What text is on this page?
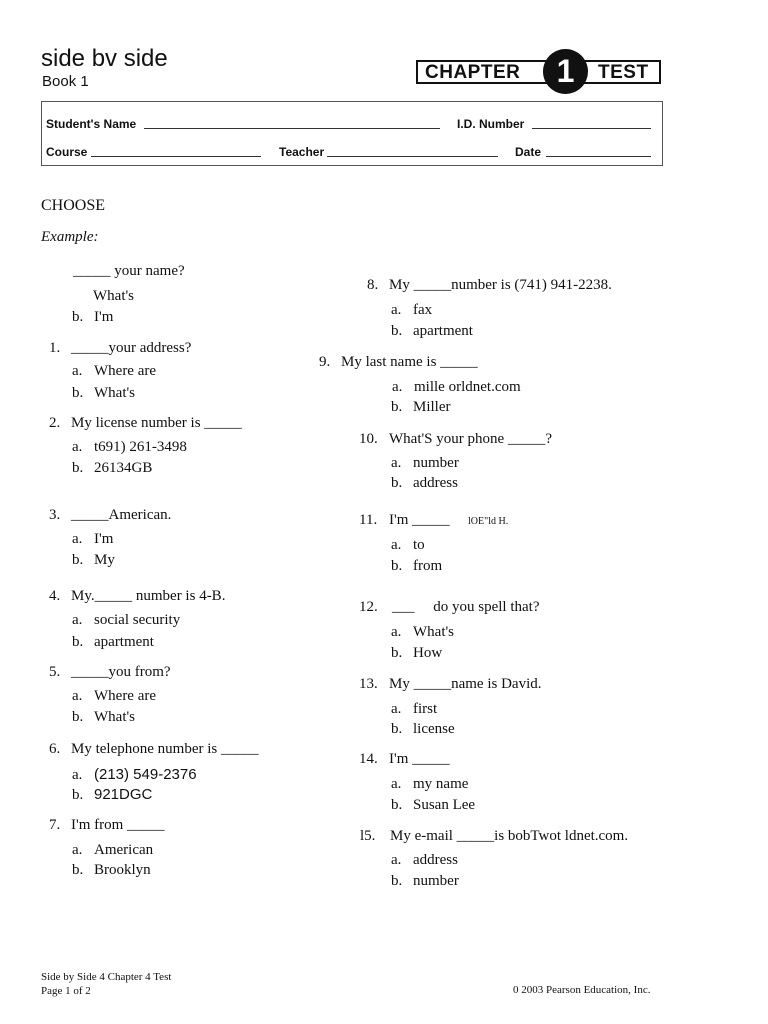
side bv side
Book 1	CHAPTER	1	TEST
Student's Name	I.D. Number
Course	Teacher	Date
CHOOSE
Example:
_____ your name?
What's
b. I'm
1. _____your address?
a. Where are
b. What's
2. My license number is _____
a. t691) 261-3498
b. 26134GB
3. _____American.
a. I'm
b. My
4. My._____ number is 4-B.
a. social security
b. apartment
5. _____you from?
a. Where are
b. What's
6. My telephone number is _____
a. (213) 549-2376
b. 921DGC
7. I'm from _____
a. American
b. Brooklyn
8. My _____number is (741) 941-2238.
a. fax
b. apartment
9. My last name is _____
a. mille orldnet.com
b. Miller
10. What'S your phone _____?
a. number
b. address
11. I'm _____ lOE"ld H.
a. to
b. from
12. ___     do you spell that?
a. What's
b. How
13. My _____name is David.
a. first
b. license
14. I'm _____
a. my name
b. Susan Lee
l5. My e-mail _____is bobTwot ldnet.com.
a. address
b. number
Side by Side 4 Chapter 4 Test
Page 1 of 2	0 2003 Pearson Education, Inc.
